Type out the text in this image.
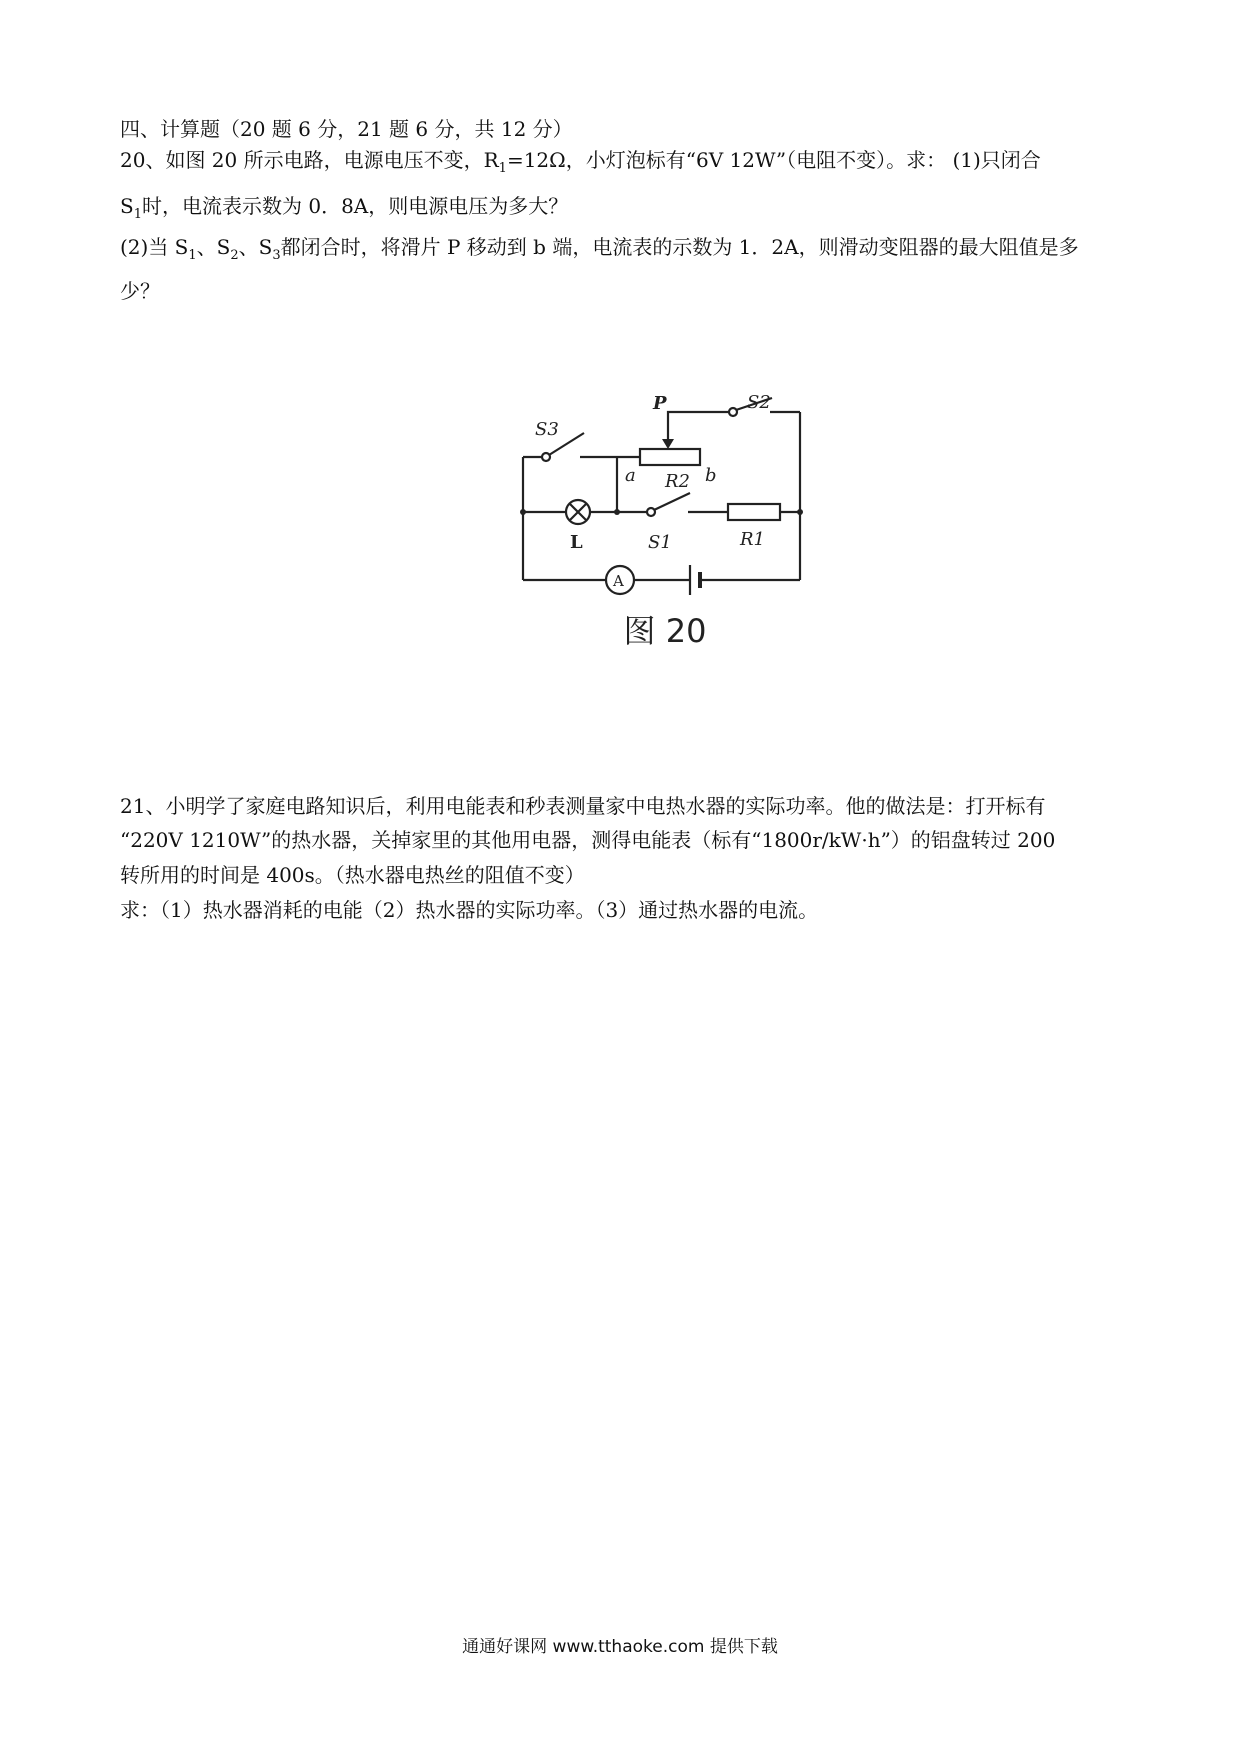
四、计算题（20 题 6 分，21 题 6 分，共 12 分）
20、如图 20 所示电路，电源电压不变，$R_1=12\Omega$，小灯泡标有“6V 12W”（电阻不变）。求： (1)只闭合
$S_1$时，电流表示数为 0．8A，则电源电压为多大？
(2)当 $S_1$、$S_2$、$S_3$都闭合时，将滑片 P 移动到 b 端，电流表的示数为 1．2A，则滑动变阻器的最大阻值是多
少？
S3
P	S2
a	b
R2
L	S1	R1
A
图 20
21、小明学了家庭电路知识后，利用电能表和秒表测量家中电热水器的实际功率。他的做法是：打开标有
“220V 1210W”的热水器，关掉家里的其他用电器，测得电能表（标有“1800r/kW·h”）的铝盘转过 200
转所用的时间是 400s。（热水器电热丝的阻值不变）
求：（1）热水器消耗的电能（2）热水器的实际功率。（3）通过热水器的电流。
通通好课网 www.tthaoke.com 提供下载
